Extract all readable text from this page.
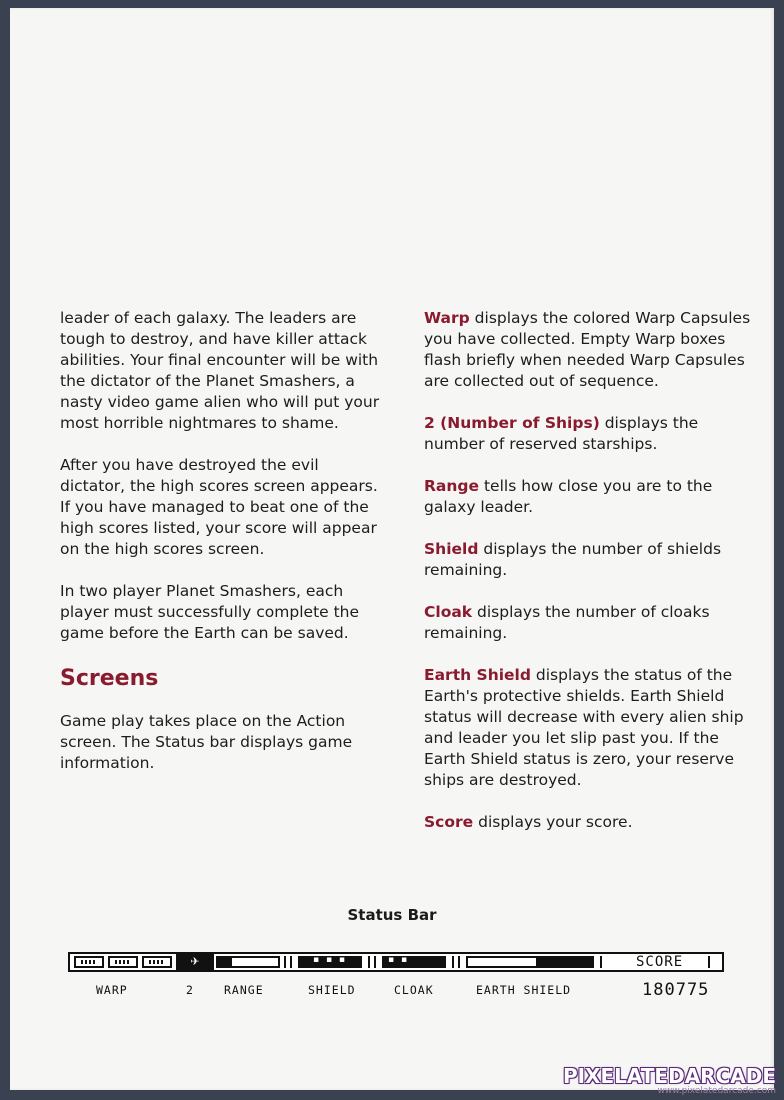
leader of each galaxy. The leaders are tough to destroy, and have killer attack abilities. Your final encounter will be with the dictator of the Planet Smashers, a nasty video game alien who will put your most horrible nightmares to shame.

After you have destroyed the evil dictator, the high scores screen appears. If you have managed to beat one of the high scores listed, your score will appear on the high scores screen.

In two player Planet Smashers, each player must successfully complete the game before the Earth can be saved.

Screens

Game play takes place on the Action screen. The Status bar displays game information.

Warp displays the colored Warp Capsules you have collected. Empty Warp boxes flash briefly when needed Warp Capsules are collected out of sequence.

2 (Number of Ships) displays the number of reserved starships.

Range tells how close you are to the galaxy leader.

Shield displays the number of shields remaining.

Cloak displays the number of cloaks remaining.

Earth Shield displays the status of the Earth's protective shields. Earth Shield status will decrease with every alien ship and leader you let slip past you. If the Earth Shield status is zero, your reserve ships are destroyed.

Score displays your score.

Status Bar
✈	▪ ▪ ▪	▪ ▪	SCORE
WARP	2	RANGE	SHIELD	CLOAK	EARTH SHIELD	180775
PIXELATEDARCADE
www.pixelatedarcade.com
